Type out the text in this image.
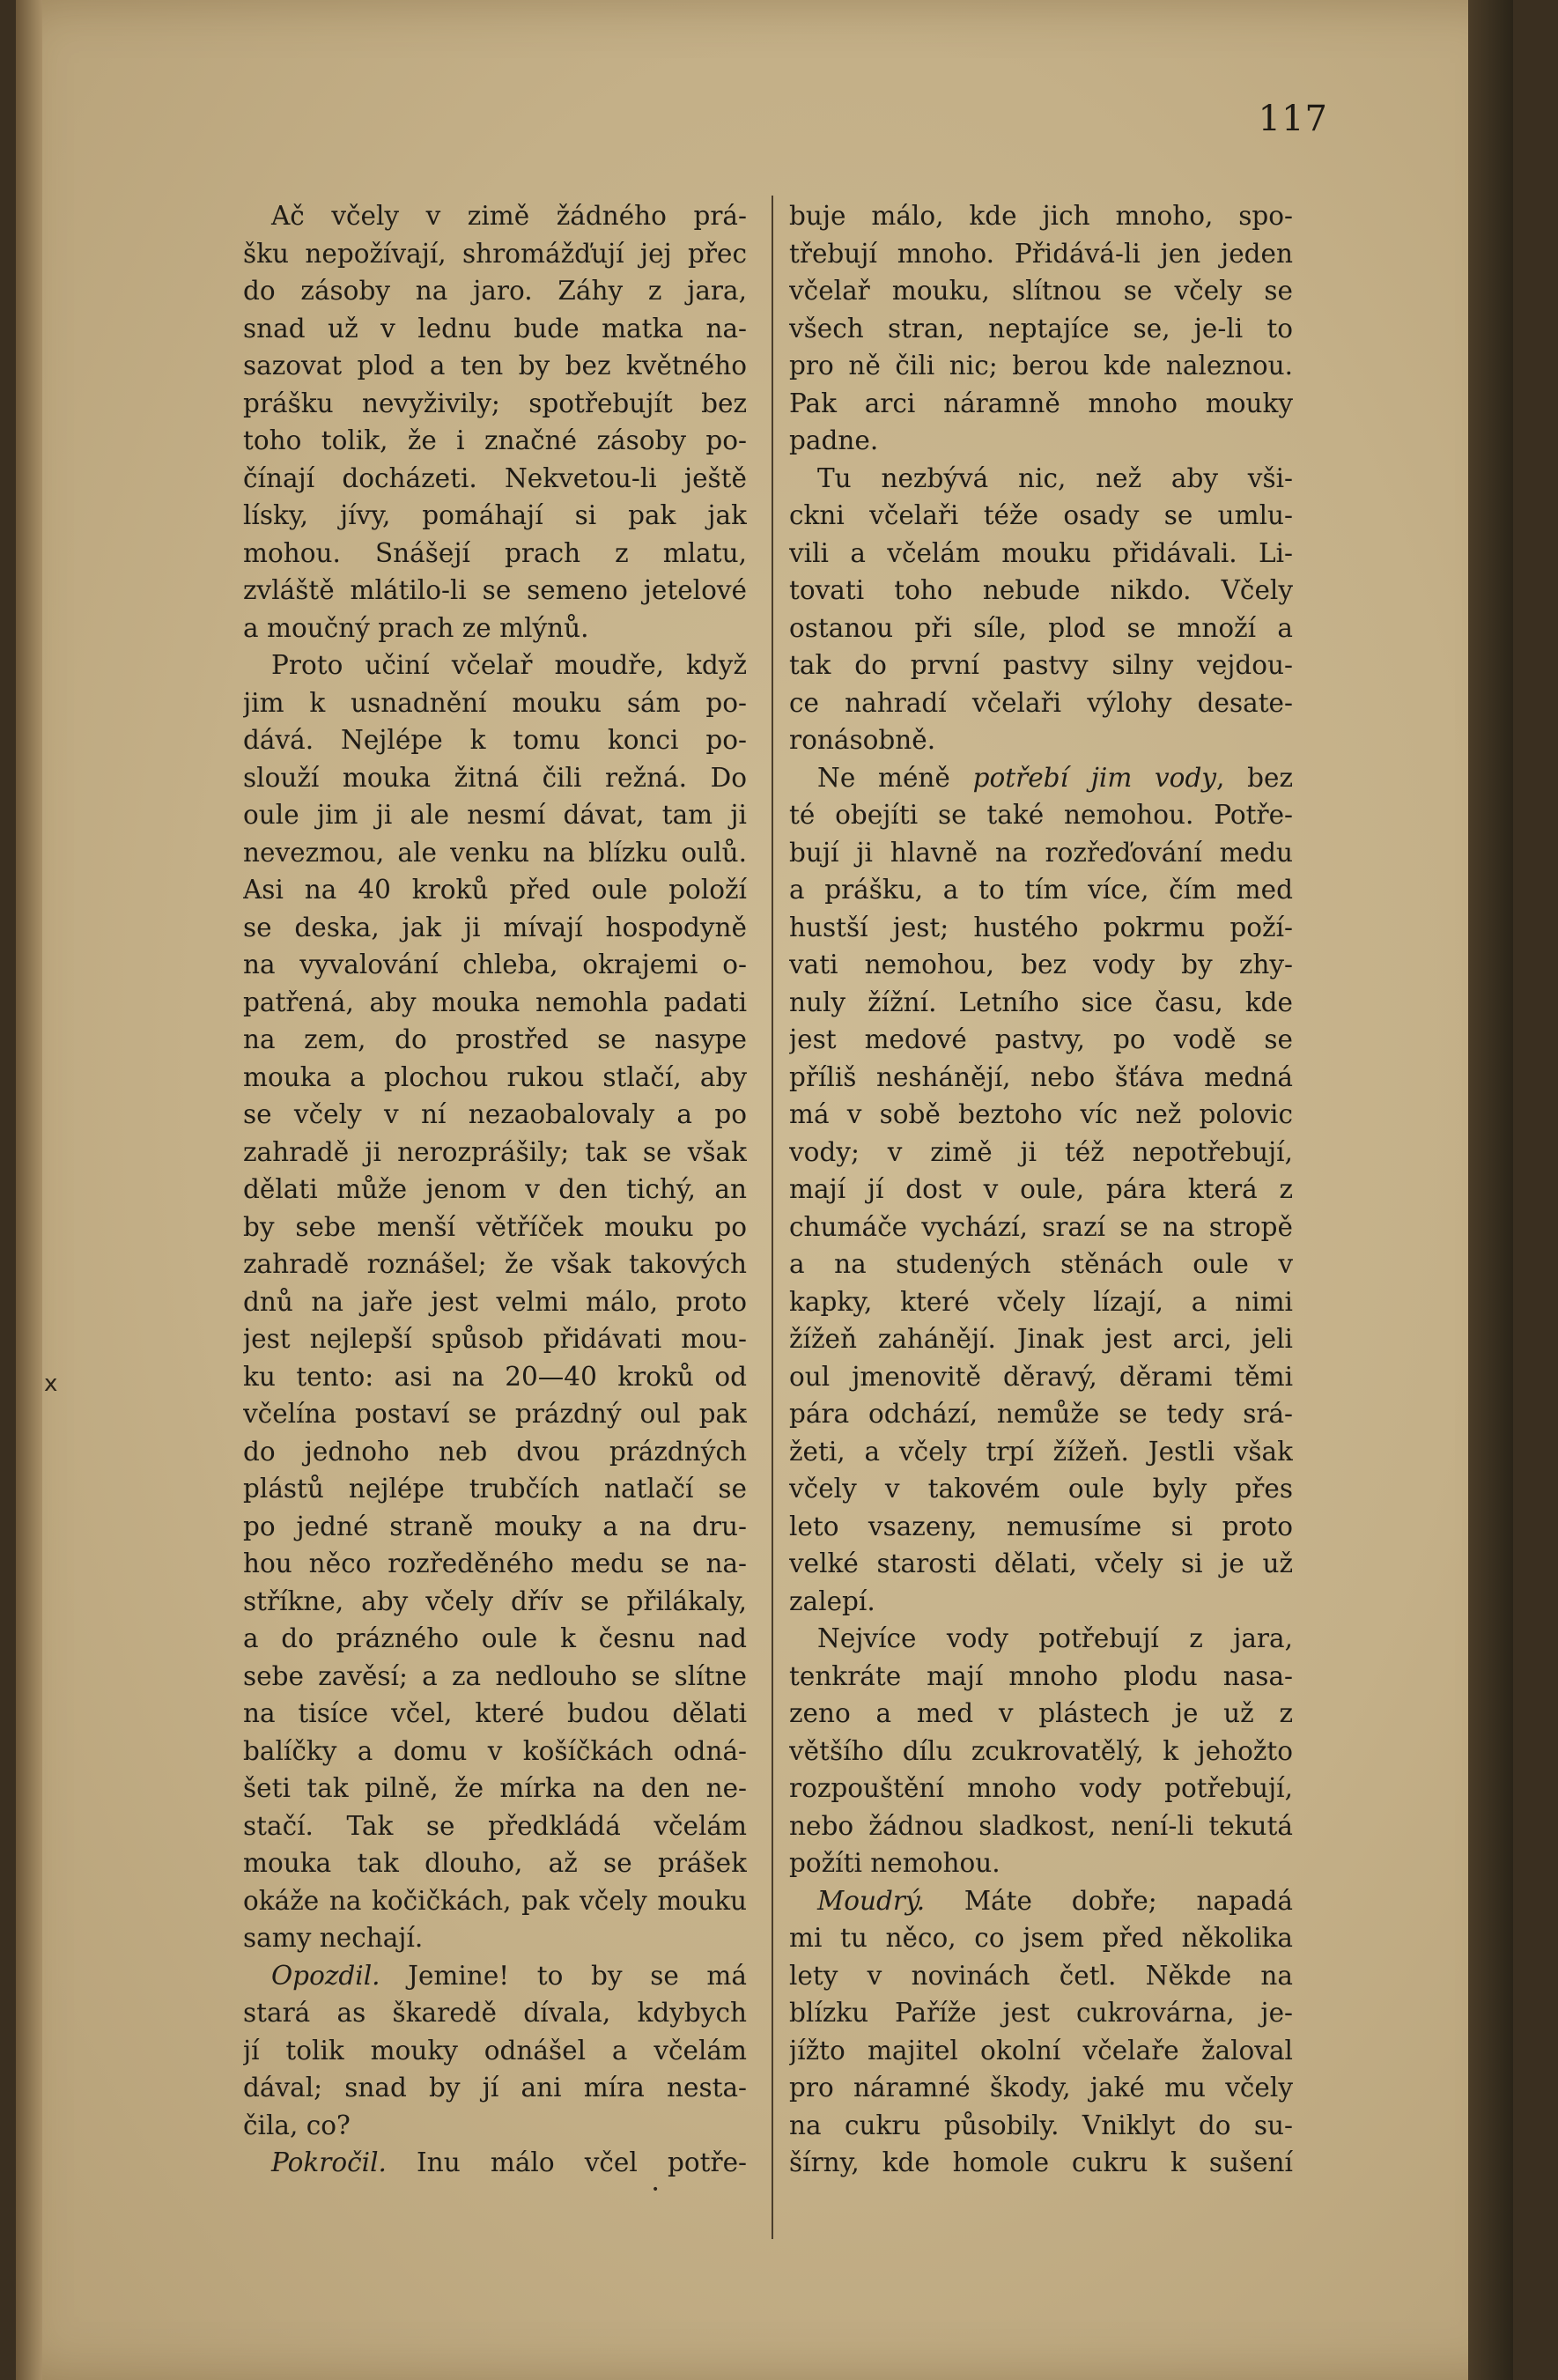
117
Ač včely v zimě žádného prá-
šku nepožívají, shromážďují jej přec
do zásoby na jaro. Záhy z jara,
snad už v lednu bude matka na-
sazovat plod a ten by bez květného
prášku nevyživily; spotřebujít bez
toho tolik, že i značné zásoby po-
čínají docházeti. Nekvetou-li ještě
lísky, jívy, pomáhají si pak jak
mohou. Snášejí prach z mlatu,
zvláště mlátilo-li se semeno jetelové
a moučný prach ze mlýnů.
Proto učiní včelař moudře, když
jim k usnadnění mouku sám po-
dává. Nejlépe k tomu konci po-
slouží mouka žitná čili režná. Do
oule jim ji ale nesmí dávat, tam ji
nevezmou, ale venku na blízku oulů.
Asi na 40 kroků před oule položí
se deska, jak ji mívají hospodyně
na vyvalování chleba, okrajemi o-
patřená, aby mouka nemohla padati
na zem, do prostřed se nasype
mouka a plochou rukou stlačí, aby
se včely v ní nezaobalovaly a po
zahradě ji nerozprášily; tak se však
dělati může jenom v den tichý, an
by sebe menší větříček mouku po
zahradě roznášel; že však takových
dnů na jaře jest velmi málo, proto
jest nejlepší spůsob přidávati mou-
ku tento: asi na 20—40 kroků od
včelína postaví se prázdný oul pak
do jednoho neb dvou prázdných
plástů nejlépe trubčích natlačí se
po jedné straně mouky a na dru-
hou něco rozředěného medu se na-
stříkne, aby včely dřív se přilákaly,
a do prázného oule k česnu nad
sebe zavěsí; a za nedlouho se slítne
na tisíce včel, které budou dělati
balíčky a domu v košíčkách odná-
šeti tak pilně, že mírka na den ne-
stačí. Tak se předkládá včelám
mouka tak dlouho, až se prášek
okáže na kočičkách, pak včely mouku
samy nechají.
Opozdil. Jemine! to by se má
stará as škaredě dívala, kdybych
jí tolik mouky odnášel a včelám
dával; snad by jí ani míra nesta-
čila, co?
Pokročil. Inu málo včel potře-
buje málo, kde jich mnoho, spo-
třebují mnoho. Přidává-li jen jeden
včelař mouku, slítnou se včely se
všech stran, neptajíce se, je-li to
pro ně čili nic; berou kde naleznou.
Pak arci náramně mnoho mouky
padne.
Tu nezbývá nic, než aby vši-
ckni včelaři téže osady se umlu-
vili a včelám mouku přidávali. Li-
tovati toho nebude nikdo. Včely
ostanou při síle, plod se množí a
tak do první pastvy silny vejdou-
ce nahradí včelaři výlohy desate-
ronásobně.
Ne méně potřebí jim vody, bez
té obejíti se také nemohou. Potře-
bují ji hlavně na rozřeďování medu
a prášku, a to tím více, čím med
hustší jest; hustého pokrmu poží-
vati nemohou, bez vody by zhy-
nuly žížní. Letního sice času, kde
jest medové pastvy, po vodě se
příliš neshánějí, nebo šťáva medná
má v sobě beztoho víc než polovic
vody; v zimě ji též nepotřebují,
mají jí dost v oule, pára která z
chumáče vychází, srazí se na stropě
a na studených stěnách oule v
kapky, které včely lízají, a nimi
žížeň zahánějí. Jinak jest arci, jeli
oul jmenovitě děravý, děrami těmi
pára odchází, nemůže se tedy srá-
žeti, a včely trpí žížeň. Jestli však
včely v takovém oule byly přes
leto vsazeny, nemusíme si proto
velké starosti dělati, včely si je už
zalepí.
Nejvíce vody potřebují z jara,
tenkráte mají mnoho plodu nasa-
zeno a med v plástech je už z
většího dílu zcukrovatělý, k jehožto
rozpouštění mnoho vody potřebují,
nebo žádnou sladkost, není-li tekutá
požíti nemohou.
Moudrý. Máte dobře; napadá
mi tu něco, co jsem před několika
lety v novinách četl. Někde na
blízku Paříže jest cukrovárna, je-
jížto majitel okolní včelaře žaloval
pro náramné škody, jaké mu včely
na cukru působily. Vniklyt do su-
šírny, kde homole cukru k sušení
x
•
